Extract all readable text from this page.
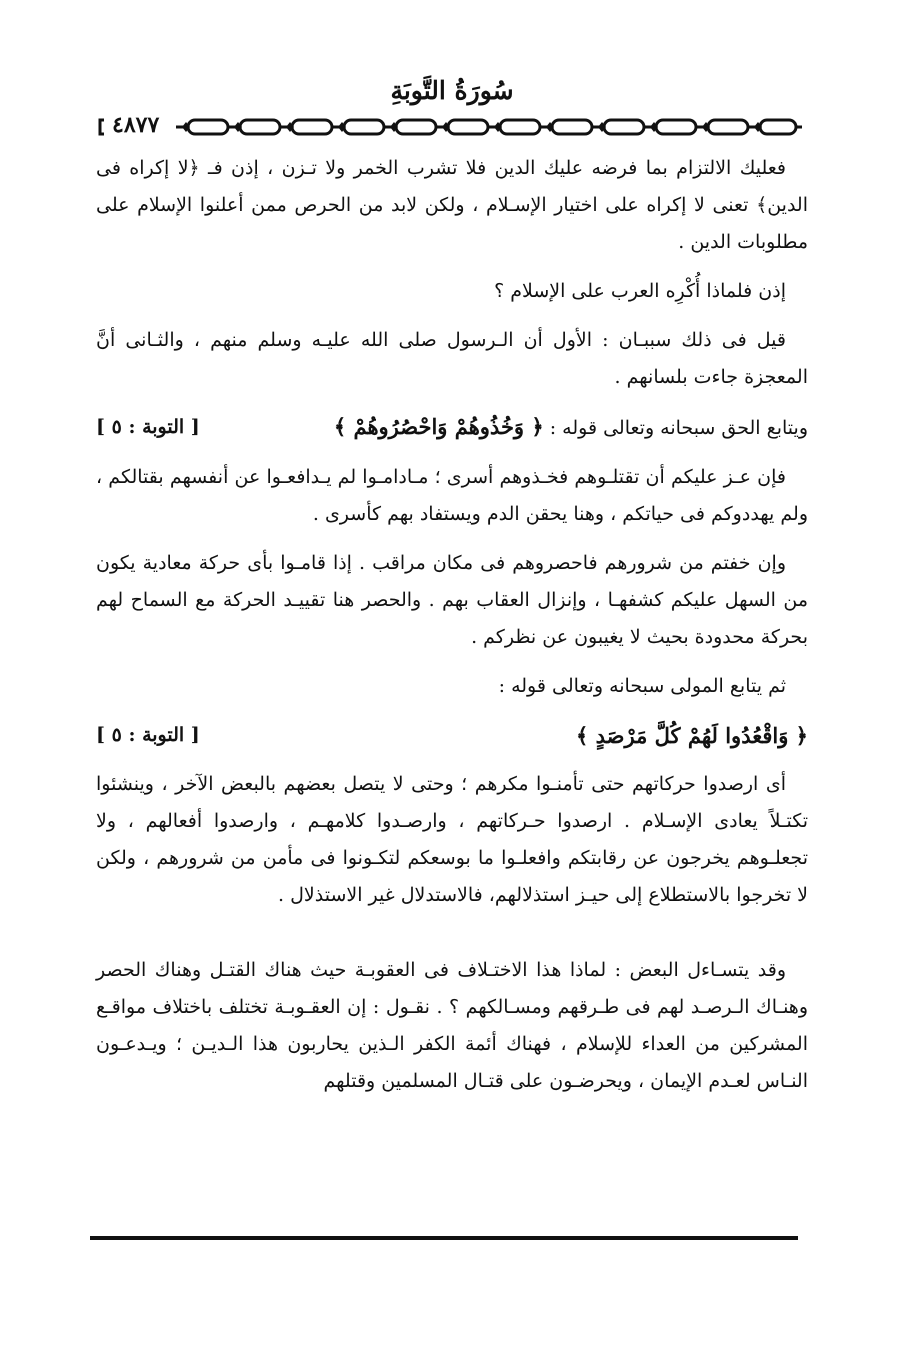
سُورَةُ التَّوبَةِ
٤٨٧٧

فعليك الالتزام بما فرضه عليك الدين فلا تشرب الخمر ولا تـزن ، إذن فـ ﴿لا إكراه فى الدين﴾ تعنى لا إكراه على اختيار الإسـلام ، ولكن لابد من الحرص ممن أعلنوا الإسلام على مطلوبات الدين .

إذن فلماذا أُكْرِه العرب على الإسلام ؟

قيل فى ذلك سببـان : الأول أن الـرسول صلى الله عليـه وسلم منهم ، والثـانى أنَّ المعجزة جاءت بلسانهم .

ويتابع الحق سبحانه وتعالى قوله : ﴿ وَخُذُوهُمْ وَاحْصُرُوهُمْ ﴾
[ التوبة : ٥ ]

فإن عـز عليكم أن تقتلـوهم فخـذوهم أسرى ؛ مـادامـوا لم يـدافعـوا عن أنفسهم بقتالكم ، ولم يهددوكم فى حياتكم ، وهنا يحقن الدم ويستفاد بهم كأسرى .

وإن خفتم من شرورهم فاحصروهم فى مكان مراقب . إذا قامـوا بأى حركة معادية يكون من السهل عليكم كشفهـا ، وإنزال العقاب بهم . والحصر هنا تقييـد الحركة مع السماح لهم بحركة محدودة بحيث لا يغيبون عن نظركم .

ثم يتابع المولى سبحانه وتعالى قوله :

﴿ وَاقْعُدُوا لَهُمْ كُلَّ مَرْصَدٍ ﴾
[ التوبة : ٥ ]

أى ارصدوا حركاتهم حتى تأمنـوا مكرهم ؛ وحتى لا يتصل بعضهم بالبعض الآخر ، وينشئوا تكتـلاً يعادى الإسـلام . ارصدوا حـركاتهم ، وارصـدوا كلامهـم ، وارصدوا أفعالهم ، ولا تجعلـوهم يخرجون عن رقابتكم وافعلـوا ما بوسعكم لتكـونوا فى مأمن من شرورهم ، ولكن لا تخرجوا بالاستطلاع إلى حيـز استذلالهم، فالاستدلال غير الاستذلال .

وقد يتسـاءل البعض : لماذا هذا الاختـلاف فى العقوبـة حيث هناك القتـل وهناك الحصر وهنـاك الـرصـد لهم فى طـرقهم ومسـالكهم ؟ . نقـول : إن العقـوبـة تختلف باختلاف مواقـع المشركين من العداء للإسلام ، فهناك أئمة الكفر الـذين يحاربون هذا الـديـن ؛ ويـدعـون النـاس لعـدم الإيمان ، ويحرضـون على قتـال المسلمين وقتلهم
